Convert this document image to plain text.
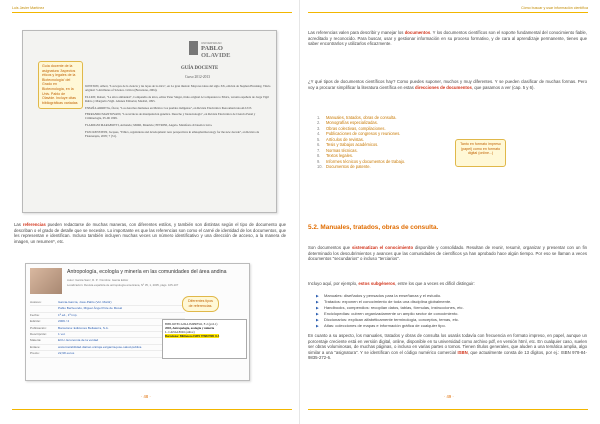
Luis Javier Martínez
UNIVERSIDAD
PABLO
OLAVIDE
GUÍA DOCENTE
Curso 2012-2013
JONSTON, Albert, "Las leyes de la ciencia y las leyes de la ética", en La gran ilusión: Mayores ideas del siglo XX, edición de Stephen Hawking. Título original: 5 Attributes of Science. Crítica (Barcelona, 2004).
ELLIOT, Robert, "La ética ambiental", Compendio de ética, editor Peter Singer, título original A Companion to Ethics, versión española de Jorge Vigil Rubio y Margarita Vigil. Alianza Editorial, Madrid, 1995.
ESPAÑA ARRIETA, Óscar, "Los derechos humanos en México: los pueblos indígenas", en Revista Electrónica Iberoamericana ALUCE.
FERRANDO MANTOVANI, "Las técnicas de manipulación genética. Derecho y biotecnología", en Revista Electrónica de Ciencia Penal y Criminología, 05-06 1999.
FLAMIGNI MARABOTTI, Armando; MORI, Maurizio; PETRINI, Angelo. Manifesto di bioetica laica.
FLECKENSTEIN, Jacques, "Ethics, regulations and development: new perspectives in ethnopharmacology for the new decade", en Revista de Fisioterapia, 2005; 7 (31).
Guía docente de la asignatura 'Aspectos éticos y legales de la Biotecnología' del Grado en Biotecnología, en la Univ. Pablo de Olavide. Incluye citas bibliográficas variadas
Las referencias pueden redactarse de muchas maneras, con diferentes estilos, y también son distintas según el tipo de documento que describan o el grado de detalle que se necesite. Lo importante es que las referencias son como el carné de identidad de los documentos, que les representan e identifican. Incluso también incluyen muchas veces un número identificativo y una dirección de acceso, a la manera de imagen, un resumen*, etc.
Antropología, ecología y minería en las comunidades del área andina
Autor: Garcia Sanz, R. P. / Nombre: Garcia Editor
Localización: Revista española de antropología americana, Nº 35, 1, 2005, págs. 105-107
Autores:	Garcia-García, José-Pablo (Vol. Mártir)
Pablo Berbeondo, Miguel Ángel Pole de Mosal
Fecha:	1ª ed., 1ª imp.
Edición:	2009 / 2
Publicación:	Barcelona: Ediciones Bellaterra, S.A.
Descripción:	1 vol.
Materia:	ECU- Economía de la verdad
Enlace:	www.trazabilidad.dialnet.unirioja.es/garcia-jose-salud-publica
Precio:	22,98 euros
BIBLIOTECA IRA IMPRESO, F-2 (pvd.1)
2003, Antropología, ecología y minería
L. CANALEDO (editor)
Barcelona: Biblioteca ISBN 978847981 8-3
Diferentes tipos de referencias.
· 48 ·
Cómo buscar y usar información científica
Las referencias valen para describir y manejar los documentos. Y los documentos científicos son el soporte fundamental del conocimiento fiable, acreditado y reconocido. Para buscar, usar y gestionar información en su proceso formativo, y de cara al aprendizaje permanente, tienes que saber encontrarlos y utilizarlos eficazmente.
¿Y qué tipos de documentos científicos hay? Como puedes suponer, muchos y muy diferentes. Y se pueden clasificar de muchas formas. Pero voy a procurar simplificar la literatura científica en estas direcciones de documentos, que pasamos a ver (cap. 5 y 6).
1. Manuales, tratados, obras de consulta.
2. Monografías especializadas.
3. Obras colectivas, compilaciones.
4. Publicaciones de congresos y reuniones.
5. Artículos de revistas.
6. Tesis y trabajos académicos.
7. Normas técnicas.
8. Textos legales.
9. Informes técnicos y documentos de trabajo.
10. Documentos de patente.
Tanto en formato impreso (papel) como en formato digital (online...)
5.2. Manuales, tratados, obras de consulta.
Son documentos que sistematizan el conocimiento disponible y consolidado. Resultan de reunir, resumir, organizar y presentar con un fin determinado los descubrimientos y avances que las comunidades de científicos ya han aprobado hace algún tiempo. Por eso se llaman a veces documentos "secundarios" o incluso "terciarios".
Incluyo aquí, por ejemplo, estos subgéneros, entre los que a veces es difícil distinguir:
▶ Manuales: diseñados y pensados para la enseñanza y el estudio.
▶ Tratados: exponen el conocimiento de toda una disciplina globalmente.
▶ Handbooks, compendios: recopilan datos, tablas, fórmulas, instrucciones, etc.
▶ Enciclopedias: cubren organizadamente un amplio sector de conocimiento.
▶ Diccionarios: explican alfabéticamente terminología, conceptos, temas, etc.
▶ Atlas: colecciones de mapas e información gráfica de cualquier tipo.
En cuanto a su aspecto, los manuales, tratados y obras de consulta los usarás todavía con frecuencia en formato impreso, en papel, aunque un porcentaje creciente está en versión digital, online, disponible en tu universidad como archivo pdf, en versión html, etc. En cualquier caso, suelen ser obras voluminosas, de muchas páginas, o incluso en varias partes o tomos. Tienen títulos generales, que aluden a una temática amplia, algo similar a una "asignatura". Y se identifican con el código numérico comercial ISBN, que actualmente consta de 13 dígitos, por ej.: ISBN 978-84-9835-272-6.
· 49 ·
